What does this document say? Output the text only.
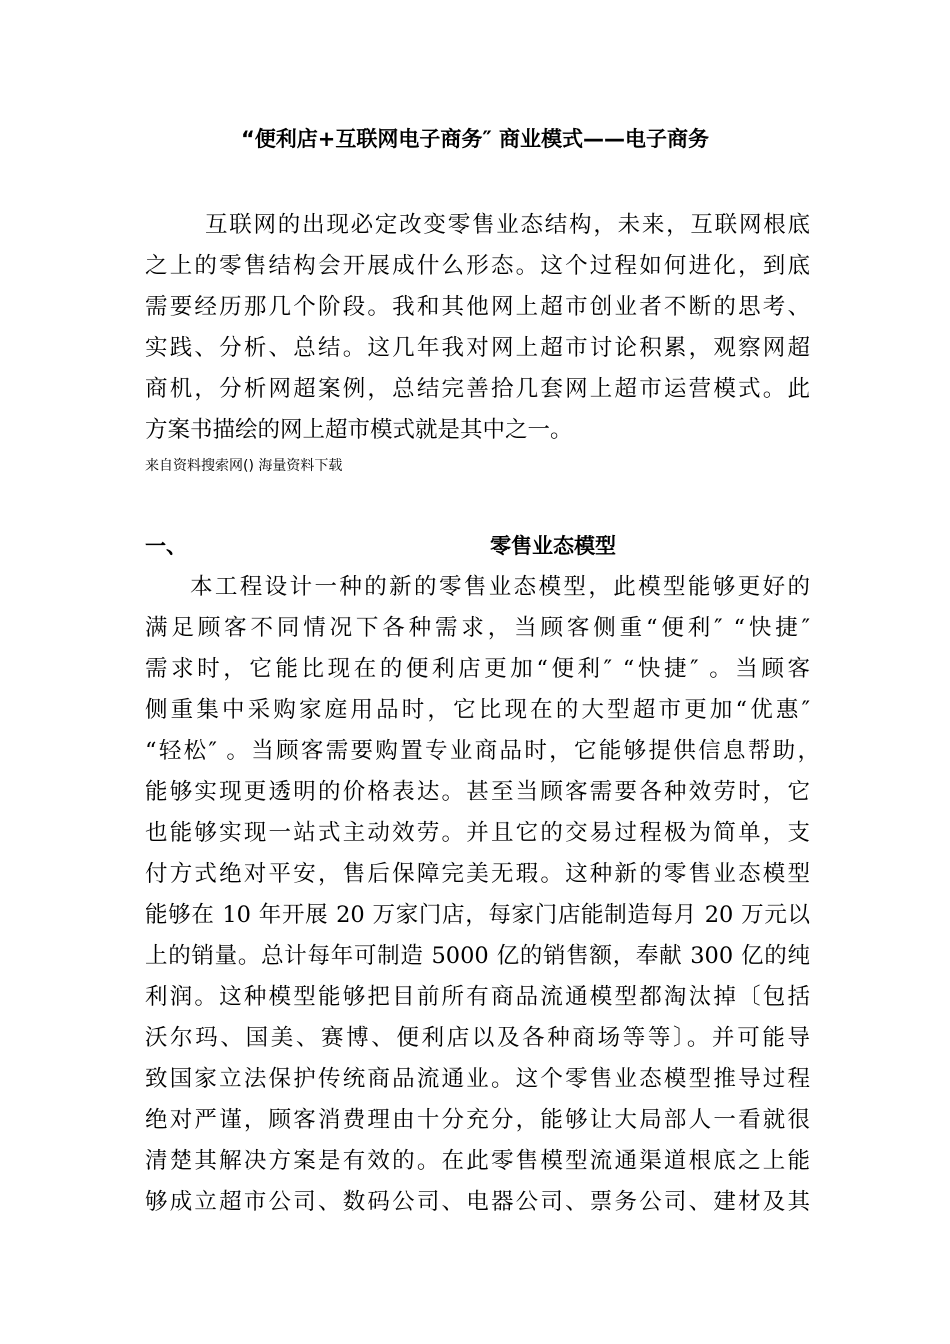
“便利店+互联网电子商务″ 商业模式——电子商务
互联网的出现必定改变零售业态结构，未来，互联网根底
之上的零售结构会开展成什么形态。这个过程如何进化，到底
需要经历那几个阶段。我和其他网上超市创业者不断的思考、
实践、分析、总结。这几年我对网上超市讨论积累，观察网超
商机，分析网超案例，总结完善拾几套网上超市运营模式。此
方案书描绘的网上超市模式就是其中之一。
来自资料搜索网() 海量资料下载
一、	零售业态模型
本工程设计一种的新的零售业态模型，此模型能够更好的
满足顾客不同情况下各种需求，当顾客侧重“便利″ “快捷″
需求时，它能比现在的便利店更加“便利″ “快捷″ 。当顾客
侧重集中采购家庭用品时，它比现在的大型超市更加“优惠″
“轻松″ 。当顾客需要购置专业商品时，它能够提供信息帮助，
能够实现更透明的价格表达。甚至当顾客需要各种效劳时，它
也能够实现一站式主动效劳。并且它的交易过程极为简单，支
付方式绝对平安，售后保障完美无瑕。这种新的零售业态模型
能够在 10 年开展 20 万家门店，每家门店能制造每月 20 万元以
上的销量。总计每年可制造 5000 亿的销售额，奉献 300 亿的纯
利润。这种模型能够把目前所有商品流通模型都淘汰掉〔包括
沃尔玛、国美、赛博、便利店以及各种商场等等〕。并可能导
致国家立法保护传统商品流通业。这个零售业态模型推导过程
绝对严谨，顾客消费理由十分充分，能够让大局部人一看就很
清楚其解决方案是有效的。在此零售模型流通渠道根底之上能
够成立超市公司、数码公司、电器公司、票务公司、建材及其
